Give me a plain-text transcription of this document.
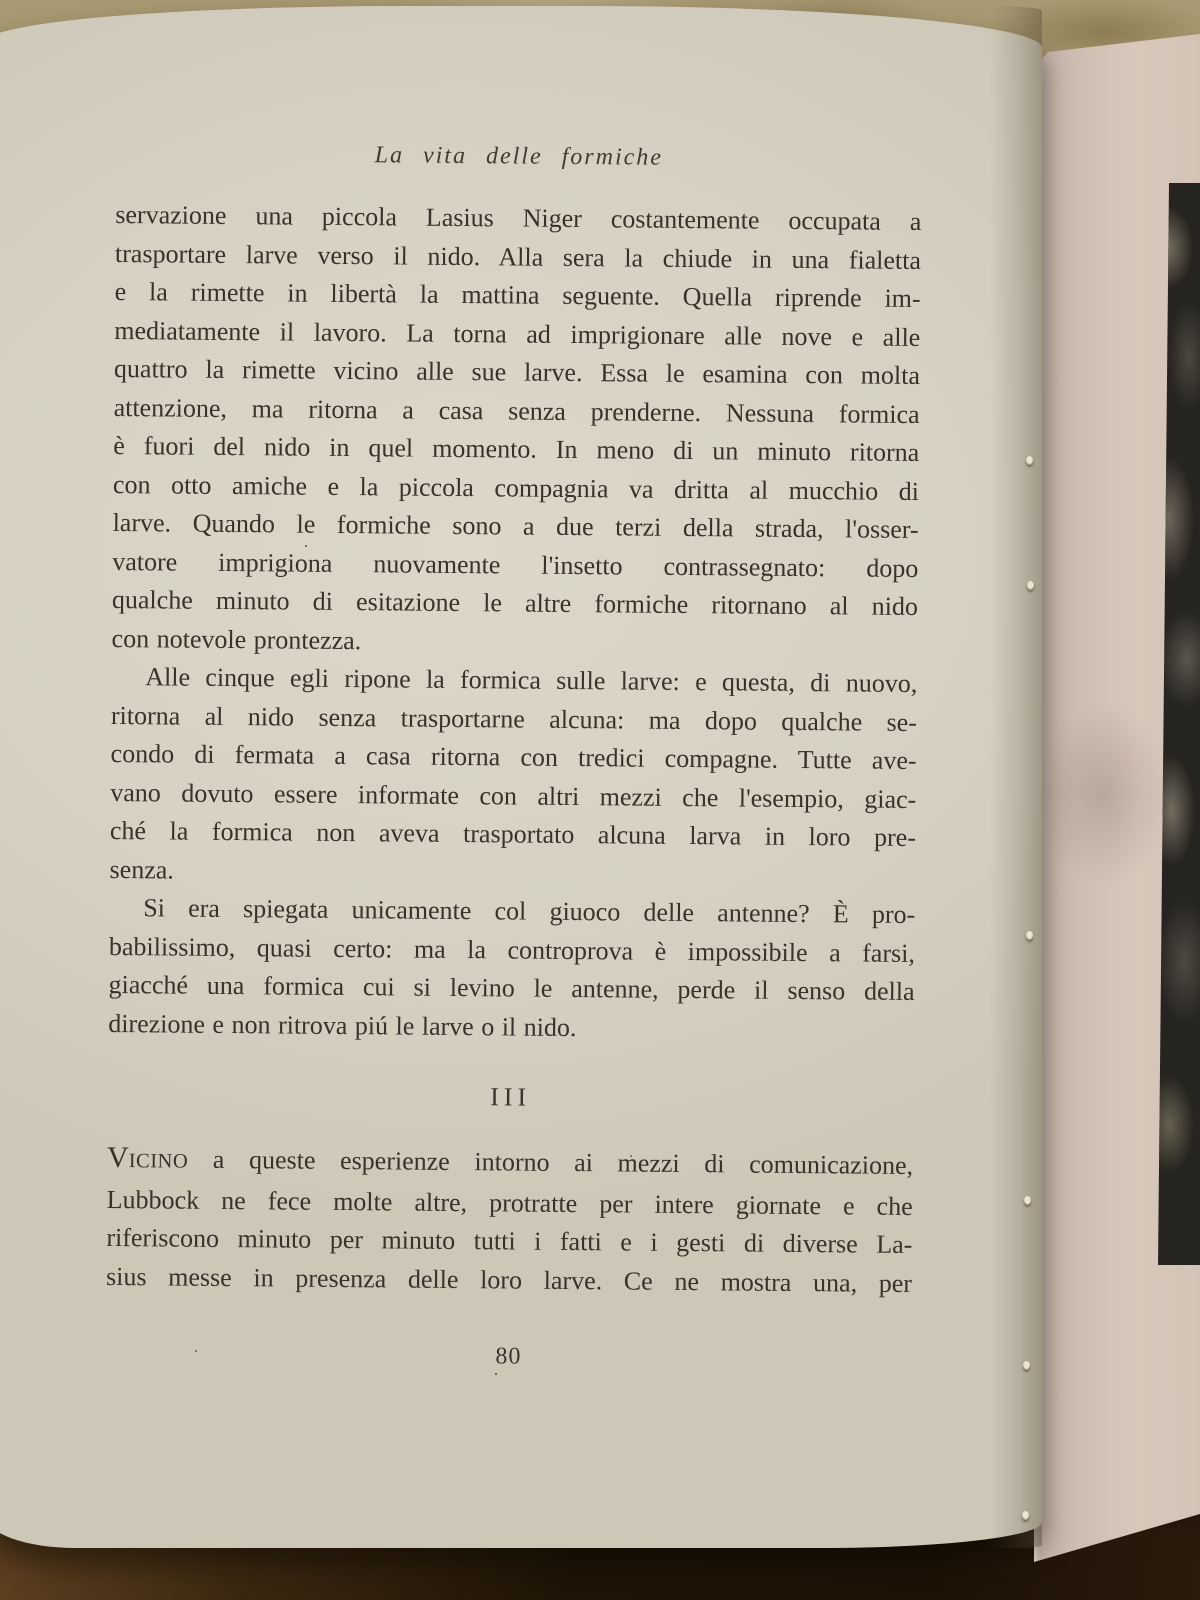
La vita delle formiche
servazione una piccola Lasius Niger costantemente occupata a
trasportare larve verso il nido. Alla sera la chiude in una fialetta
e la rimette in libertà la mattina seguente. Quella riprende im-
mediatamente il lavoro. La torna ad imprigionare alle nove e alle
quattro la rimette vicino alle sue larve. Essa le esamina con molta
attenzione, ma ritorna a casa senza prenderne. Nessuna formica
è fuori del nido in quel momento. In meno di un minuto ritorna
con otto amiche e la piccola compagnia va dritta al mucchio di
larve. Quando le formiche sono a due terzi della strada, l'osser-
vatore imprigiona nuovamente l'insetto contrassegnato: dopo
qualche minuto di esitazione le altre formiche ritornano al nido
con notevole prontezza.
Alle cinque egli ripone la formica sulle larve: e questa, di nuovo,
ritorna al nido senza trasportarne alcuna: ma dopo qualche se-
condo di fermata a casa ritorna con tredici compagne. Tutte ave-
vano dovuto essere informate con altri mezzi che l'esempio, giac-
ché la formica non aveva trasportato alcuna larva in loro pre-
senza.
Si era spiegata unicamente col giuoco delle antenne? È pro-
babilissimo, quasi certo: ma la controprova è impossibile a farsi,
giacché una formica cui si levino le antenne, perde il senso della
direzione e non ritrova piú le larve o il nido.
III
VICINO a queste esperienze intorno ai mezzi di comunicazione,
Lubbock ne fece molte altre, protratte per intere giornate e che
riferiscono minuto per minuto tutti i fatti e i gesti di diverse La-
sius messe in presenza delle loro larve. Ce ne mostra una, per
80
